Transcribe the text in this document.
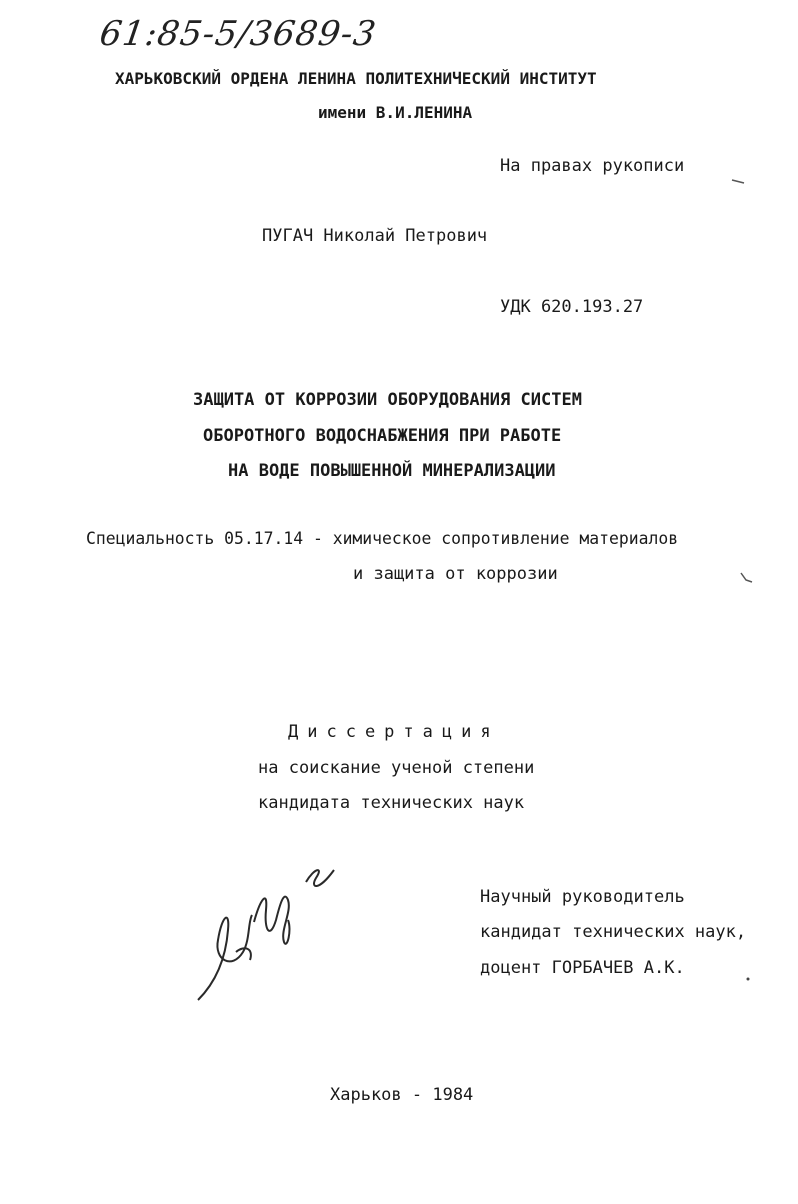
61:85-5/3689-3
ХАРЬКОВСКИЙ ОРДЕНА ЛЕНИНА ПОЛИТЕХНИЧЕСКИЙ ИНСТИТУТ
имени В.И.ЛЕНИНА
На правах рукописи
ПУГАЧ Николай Петрович
УДК 620.193.27
ЗАЩИТА ОТ КОРРОЗИИ ОБОРУДОВАНИЯ СИСТЕМ
ОБОРОТНОГО ВОДОСНАБЖЕНИЯ ПРИ РАБОТЕ
НА ВОДЕ ПОВЫШЕННОЙ МИНЕРАЛИЗАЦИИ
Специальность 05.17.14 - химическое сопротивление материалов
и защита от коррозии
Диссертация
на соискание ученой степени
кандидата технических наук
Научный руководитель
кандидат технических наук,
доцент ГОРБАЧЕВ А.К.
Харьков - 1984
